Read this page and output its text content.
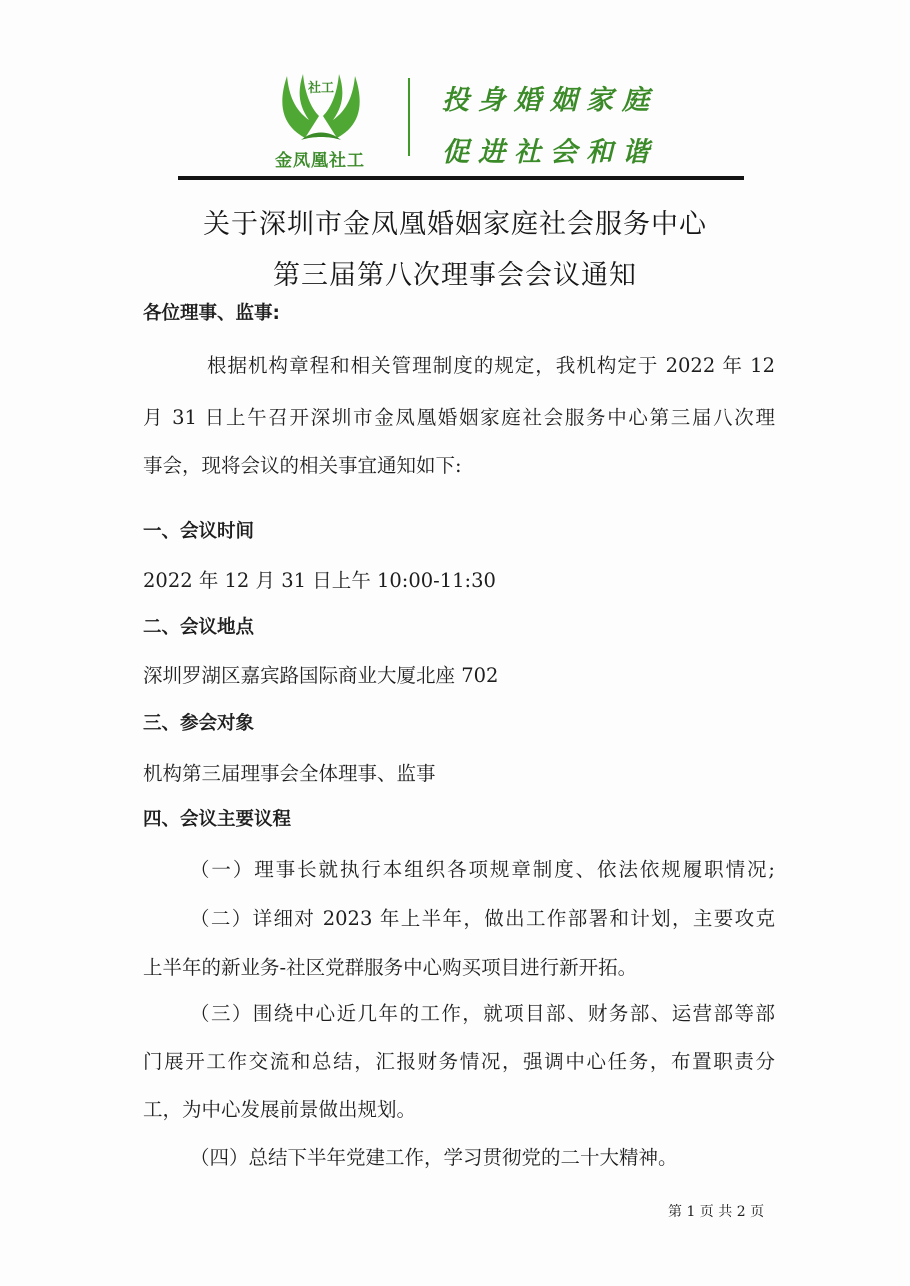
社工
金凤凰社工
投身婚姻家庭
促进社会和谐
关于深圳市金凤凰婚姻家庭社会服务中心
第三届第八次理事会会议通知
各位理事、监事:
根据机构章程和相关管理制度的规定，我机构定于 2022 年 12
月 31 日上午召开深圳市金凤凰婚姻家庭社会服务中心第三届八次理
事会，现将会议的相关事宜通知如下:
一、会议时间
2022 年 12 月 31 日上午 10:00-11:30
二、会议地点
深圳罗湖区嘉宾路国际商业大厦北座 702
三、参会对象
机构第三届理事会全体理事、监事
四、会议主要议程
（一）理事长就执行本组织各项规章制度、依法依规履职情况;
（二）详细对 2023 年上半年，做出工作部署和计划，主要攻克
上半年的新业务-社区党群服务中心购买项目进行新开拓。
（三）围绕中心近几年的工作，就项目部、财务部、运营部等部
门展开工作交流和总结，汇报财务情况，强调中心任务，布置职责分
工，为中心发展前景做出规划。
（四）总结下半年党建工作，学习贯彻党的二十大精神。
第 1 页 共 2 页
